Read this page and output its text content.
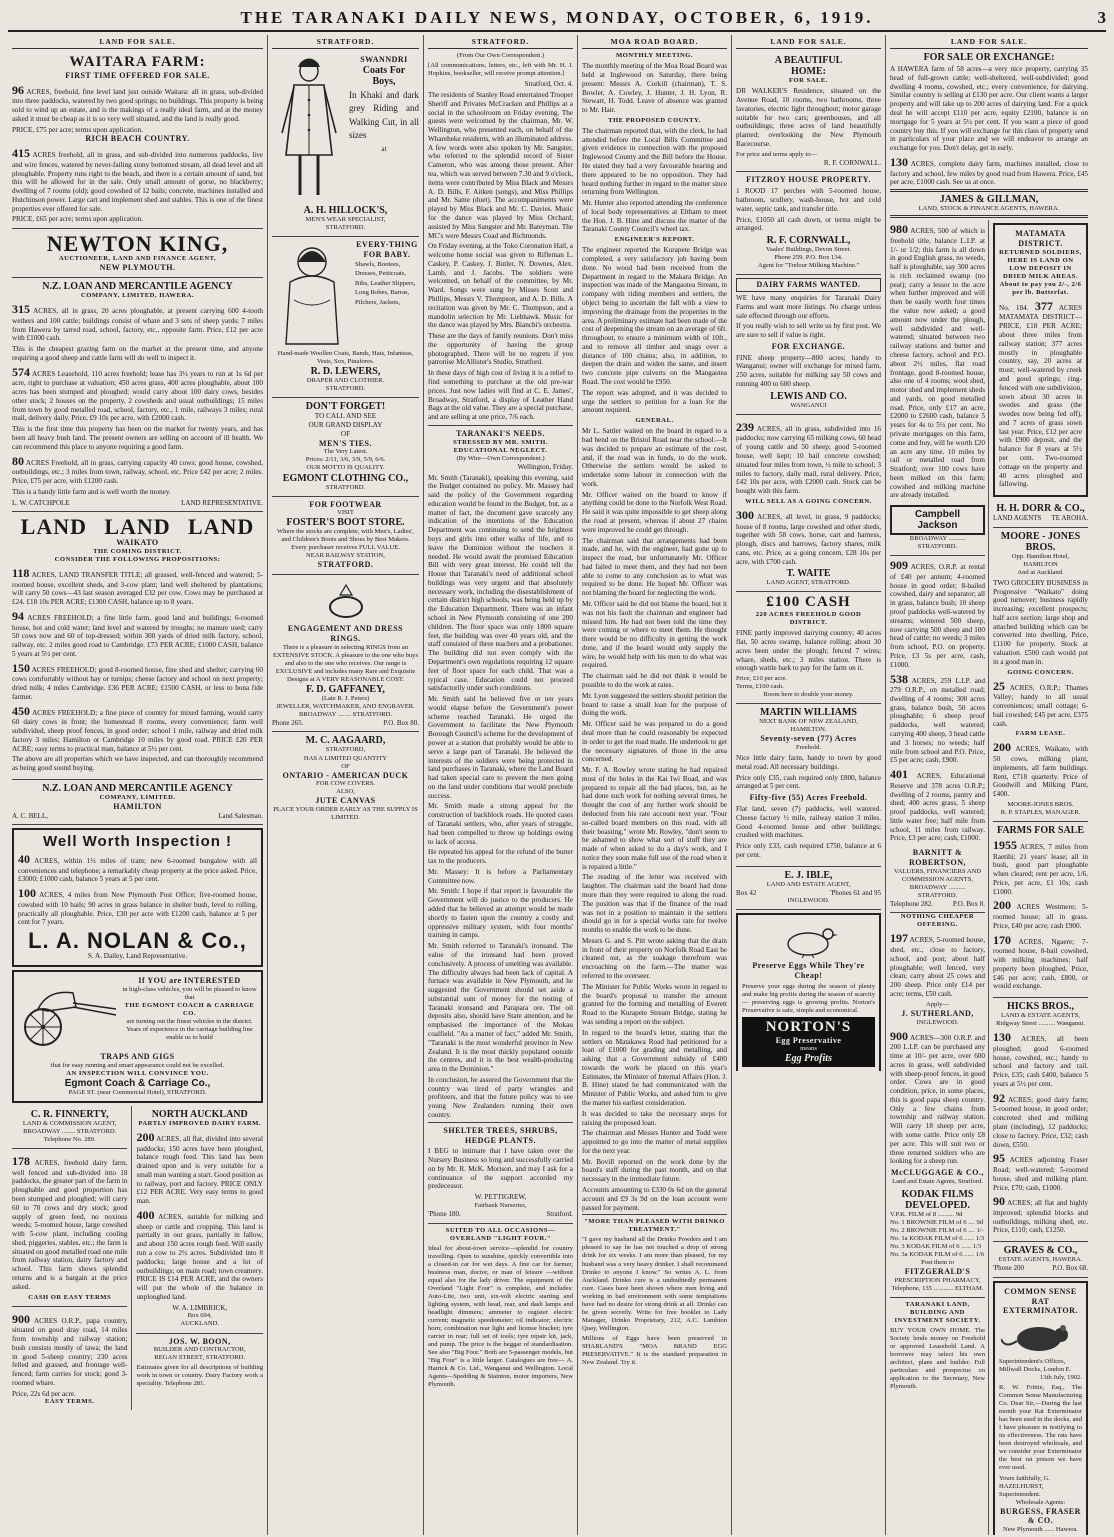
THE TARANAKI DAILY NEWS, MONDAY, OCTOBER, 6, 1919.	3
LAND FOR SALE.
WAITARA FARM:
FIRST TIME OFFERED FOR SALE.
96 ACRES, freehold, fine level land just outside Waitara: all in grass, sub-divided into three paddocks, watered by two good springs; no buildings. This property is being sold to wind up an estate, and is the makings of a really ideal farm, and at the money asked it must be cheap as it is so very well situated, and the land is really good.
PRICE, £75 per acre; terms upon application.
RICH BEACH COUNTRY.
415 ACRES freehold, all in grass, and sub-divided into numerous paddocks, live and wire fences, watered by never-failing stony bottomed stream, all dead level and all ploughable. Property runs right to the beach, and there is a certain amount of sand, but this will be allowed for in the sale. Only small amount of gorse, no blackberry; dwelling of 7 rooms (old); good cowshed of 12 bails; concrete, machines installed and Hutchinson power. Large cart and implement shed and stables. This is one of the finest properties ever offered for sale.
PRICE, £65 per acre; terms upon application.
NEWTON KING,
AUCTIONEER, LAND AND FINANCE AGENT,
NEW PLYMOUTH.
N.Z. LOAN AND MERCANTILE AGENCY
COMPANY, LIMITED, HAWERA.
315 ACRES, all in grass, 20 acres ploughable, at present carrying 600 4-tooth wethers and 100 cattle; buildings consist of whare and 3 sets of sheep yards; 7 miles from Hawera by tarred road, school, factory, etc., opposite farm. Price, £12 per acre with £1000 cash.
This is the cheapest grazing farm on the market at the present time, and anyone requiring a good sheep and cattle farm will do well to inspect it.
574 ACRES Leasehold, 110 acres freehold; lease has 3½ years to run at 1s 6d per acre, right to purchase at valuation; 450 acres grass, 400 acres ploughable, about 100 acres has been stumped and ploughed; would carry about 100 dairy cows, besides other stock; 2 houses on the property, 2 cowsheds and usual outbuildings; 15 miles from town by good metalled road, school, factory, etc., 1 mile, railways 3 miles; rural mail, delivery daily. Price, £9 10s per acre, with £2000 cash.
This is the first time this property has been on the market for twenty years, and has been all heavy bush land. The present owners are selling on account of ill health. We can recommend this place to anyone requiring a good farm.
80 ACRES Freehold, all in grass, carrying capacity 40 cows; good house, cowshed, outbuildings, etc.; 3 miles from town, railway, school, etc. Price £42 per acre; 2 miles. Price, £75 per acre, with £1200 cash.
This is a handy little farm and is well worth the money.
L. W. CATCHPOLE	LAND REPRESENTATIVE.
LAND LAND LAND
WAIKATO
THE COMING DISTRICT.
CONSIDER THE FOLLOWING PROPOSITIONS:
118 ACRES, LAND TRANSFER TITLE; all grassed, well-fenced and watered; 5-roomed house, excellent sheds, and 3-cow plant; land well sheltered by plantations; will carry 50 cows—43 last season averaged £32 per cow. Cows may be purchased at £24. £18 10s PER ACRE; £1300 CASH, balance up to 8 years.
94 ACRES FREEHOLD; a fine little farm, good land and buildings; 6-roomed house, hot and cold water; land level and watered by troughs; no manure used; carry 50 cows now and 60 of top-dressed; within 300 yards of dried milk factory, school, railway, etc. 2 miles good road to Cambridge. £73 PER ACRE; £1000 CASH, balance 5 years at 5½ per cent.
150 ACRES FREEHOLD; good 8-roomed house, fine shed and shelter; carrying 60 cows comfortably without hay or turnips; cheese factory and school on next property; dried milk; 4 miles Cambridge. £36 PER ACRE; £1500 CASH, or less to bona fide farmer.
450 ACRES FREEHOLD; a fine piece of country for mixed farming, would carry 60 dairy cows in front; the homestead 8 rooms, every convenience; farm well subdivided, sheep proof fences, in good order; school 1 mile, railway and dried milk factory 3 miles; Hamilton or Cambridge 10 miles by good road. PRICE £20 PER ACRE; easy terms to practical man, balance at 5½ per cent.
The above are all properties which we have inspected, and can thoroughly recommend as being good sound buying.
N.Z. LOAN AND MERCANTILE AGENCY
COMPANY, LIMITED.
HAMILTON
A. C. BELL,	Land Salesman.
Well Worth Inspection !
40 ACRES, within 1½ miles of tram; new 6-roomed bungalow with all conveniences and telephone; a remarkably cheap property at the price asked. Price, £3000; £1000 cash, balance 5 years at 5 per cent.
100 ACRES, 4 miles from New Plymouth Post Office; five-roomed house, cowshed with 10 bails; 90 acres in grass balance in shelter bush, level to rolling, practically all ploughable. Price, £30 per acre with £1200 cash, balance at 5 per cent for 7 years.
L. A. NOLAN & Co.,
S. A. Dailey, Land Representative.
If YOU are INTERESTED
in high-class vehicles, you will be pleased to know that
THE EGMONT COACH & CARRIAGE CO.
are turning out the finest vehicles in the district. Years of experience in the carriage building line enable us to build
TRAPS AND GIGS
that for easy running and smart appearance could not be excelled.
AN INSPECTION WILL CONVINCE YOU.
Egmont Coach & Carriage Co.,
PAGE ST. (near Commercial Hotel), STRATFORD.
C. R. FINNERTY,
LAND & COMMISSION AGENT,
BROADWAY ........ STRATFORD.
Telephone No. 280.
178 ACRES, freehold dairy farm, well fenced and sub-divided into 18 paddocks, the greater part of the farm in ploughable and good proportion has been stumped and ploughed; will carry 60 to 70 cows and dry stock; good supply of green feed, no noxious weeds; 5-roomed house, large cowshed with 5-cow plant, including cooling shed, piggeries, stables, etc.; the farm is situated on good metalled road one mile from railway station, dairy factory and school. This farm shows splendid returns and is a bargain at the price asked.
CASH OR EASY TERMS
900 ACRES O.R.P., papa country, situated on good dray road, 14 miles from township and railway station; bush consists mostly of tawa; the land in good 5-sheep country; 230 acres felled and grassed, and frontage well-fenced; farm carries for stock; good 3-roomed whare.
Price, 22s 6d per acre.
EASY TERMS.
NORTH AUCKLAND
PARTLY IMPROVED DAIRY FARM.
200 ACRES, all flat, divided into several paddocks; 150 acres have been ploughed, balance rough feed. This land has been drained upon and is very suitable for a small man wanting a start. Good position as to railway, port and factory. PRICE ONLY £12 PER ACRE. Very easy terms to good man.
400 ACRES, suitable for milking and sheep or cattle and cropping. This land is partially in our grass, partially in fallow, and about 150 acres rough feed. Will easily run a cow to 2½ acres. Subdivided into 8 paddocks; large house and a lot of outbuildings; on main road; town creamery. PRICE IS £14 PER ACRE, and the owners will put the whole of the balance in unploughed land.
W. A. LIMBRICK,
Box 694,
AUCKLAND.
JOS. W. BOON,
BUILDER AND CONTRACTOR,
REGAN STREET, STRATFORD.
Estimates given for all descriptions of building work in town or country. Dairy Factory work a speciality. Telephone 281.
STRATFORD.
SWANNDRI
Coats For
Boys,
In Khaki and dark grey Riding and Walking Cut, in all sizes
at
A. H. HILLOCK'S,
MEN'S WEAR SPECIALIST,
STRATFORD.
EVERY-THING FOR BABY.
Shawls, Bootees, Dresses, Petticoats, Bibs, Leather Slippers, Long Robes, Barras, Pilchers, Jackets,
Hand-made Woollen Coats, Bands, Hats, Infanteas, Vests, Sox, Pinafores.
R. D. LEWERS,
DRAPER AND CLOTHIER.
STRATFORD.
DON'T FORGET!
TO CALL AND SEE
OUR GRAND DISPLAY
OF
MEN'S TIES.
The Very Latest.
Prices: 2/11, 3/6, 3/9, 5/9, 6/6.
OUR MOTTO IS QUALITY.
EGMONT CLOTHING CO.,
STRATFORD.
FOR FOOTWEAR
VISIT
FOSTER'S BOOT STORE.
Where the stocks are complete, with Men's, Ladies', and Children's Boots and Shoes by Best Makers.
Every purchaser receives FULL VALUE.
NEAR RAILWAY STATION,
STRATFORD.
ENGAGEMENT AND DRESS RINGS.
There is a pleasure in selecting RINGS from an EXTENSIVE STOCK. A pleasure to the one who buys and also to the one who receives. Our range is EXCLUSIVE and includes many Rare and Exquisite Designs at A VERY REASONABLE COST.
F. D. GAFFANEY,
(Late R. J. Peters)
JEWELLER, WATCHMAKER, AND ENGRAVER.
BROADWAY ........ STRATFORD.
Phone 265.	P.O. Box 80.
M. C. AAGAARD,
STRATFORD,
HAS A LIMITED QUANTITY
OF
ONTARIO - AMERICAN DUCK
FOR COW COVERS.
ALSO,
JUTE CANVAS
PLACE YOUR ORDER EARLY AS THE SUPPLY IS LIMITED.
STRATFORD.
(From Our Own Correspondent.)
[All communications, letters, etc., left with Mr. H. J. Hopkins, bookseller, will receive prompt attention.]
Stratford, Oct. 4.
The residents of Stanley Road entertained Trooper Sheriff and Privates McCracken and Phillips at a social in the schoolroom on Friday evening. The guests were welcomed by the chairman, Mr. W. Wellington, who presented each, on behalf of the Whareheke residents, with an illuminated address. A few words were also spoken by Mr. Sangster, who referred to the splendid record of Sister Cameron, who was among those present. After tea, which was served between 7.30 and 9 o'clock, items were contributed by Miss Black and Messrs A. D. Bills, F. Aitken (songs), and Miss Phillips and Mr. Same (duet). The accompaniments were played by Miss Black and Mr. C. Davies. Music for the dance was played by Miss Orchard, assisted by Miss Sangster and Mr. Bateyman. The MC's were Messrs Coad and Richmonds.
On Friday evening, at the Toko Coronation Hall, a welcome home social was given to Rifleman L. Caskey, P. Caskey, J. Butler, N. Downes, Alex. Lamb, and J. Jacobs. The soldiers were welcomed, on behalf of the committee, by Mr. Ward. Songs were sung by Misses Scott and Phillips, Messrs V. Thompson, and A. D. Bills. A recitation was given by Mr. C. Thompson, and a mandolin selection by Mr. Liebhawk. Music for the dance was played by Mrs. Bianchi's orchestra.
These are the days of family reunions. Don't miss the opportunity of having the group photographed. There will be no regrets if you patronise McAllister's Studio, Stratford.
In these days of high cost of living it is a relief to find something to purchase at the old pre-war prices. Just now ladies will find at C. E. James', Broadway, Stratford, a display of Leather Hand Bags at the old value. They are a special purchase, and are selling at one price, 7/6 each.
TARANAKI'S NEEDS.
STRESSED BY MR. SMITH.
EDUCATIONAL NEGLECT.
(By Wire—Own Correspondent.)
Wellington, Friday.
Mr. Smith (Taranaki), speaking this evening, said the Budget contained no policy. Mr. Massey had said the policy of the Government regarding education would be found in the Budget, but, as a matter of fact, the document gave scarcely any indication of the intentions of the Education Department was continuing to send the brightest boys and girls into other walks of life, and to leave the Dominion without the teachers it needed. He would await the promised Education Bill with very great interest. He could tell the House that Taranaki's need of additional school buildings was very urgent and that absolutely necessary work, including the disestablishment of certain district high schools, was being held up by the Education Department. There was an infant school in New Plymouth consisting of one 200 children. The floor space was only 1800 square feet, the building was over 40 years old, and the staff consisted of three teachers and a probationer. The building did not even comply with the Department's own regulations requiring 12 square feet of floor space for each child. That was a typical case. Education could not proceed satisfactorily under such conditions.
Mr. Smith said he believed five or ten years would elapse before the Government's power scheme reached Taranaki. He urged the Government to facilitate the New Plymouth Borough Council's scheme for the development of power at a station that probably would be able to serve a large part of Taranaki. He believed the interests of the soldiers were being protected in land purchases in Taranaki, where the Land Board had taken special care to prevent the men going on the land under conditions that would preclude success.
Mr. Smith made a strong appeal for the construction of backblock roads. He quoted cases of Taranaki settlers, who, after years of struggle, had been compelled to throw up holdings owing to lack of access.
He repeated his appeal for the refund of the butter tax to the producers.
Mr. Massey: It is before a Parliamentary Committee now.
Mr. Smith: I hope if that report is favourable the Government will do justice to the producers. He added that he believed an attempt would be made shortly to fasten upon the country a costly and oppressive military system, with four months' training in camps.
Mr. Smith referred to Taranaki's ironsand. The value of the ironsand had been proved conclusively. A process of smelting was available. The difficulty always had been lack of capital. A furnace was available in New Plymouth, and he suggested the Government should set aside a substantial sum of money for the testing of Taranaki ironsand and Parapara ore. The oil deposits also, should have State attention, and he emphasised the importance of the Mokau coalfield. "As a matter of fact," added Mr. Smith, "Taranaki is the most wonderful province in New Zealand. It is the most thickly populated outside the centres, and it is the best wealth-producing area in the Dominion."
In conclusion, he assured the Government that the country was tired of party wrangles and profiteers, and that the future policy was to see young New Zealanders running their own country.
SHELTER TREES, SHRUBS, HEDGE PLANTS.
I BEG to intimate that I have taken over the Nursery Business so long and successfully carried on by Mr. R. McK. Morison, and may I ask for a continuance of the support accorded my predecessor.
W. PETTIGREW,
Fairbank Nurseries,
'Phone 180.	Stratford.
SUITED TO ALL OCCASIONS— OVERLAND "LIGHT FOUR."
Ideal for about-town service—splendid for country travelling. Open to sunshine, quickly convertible into a closed-in car for wet days. A fine car for farmer, business man, doctor, or man of leisure —without equal also for the lady driver. The equipment of the Overland "Light Four" is complete, and includes: Auto-Lite, two unit, six-volt electric starting and lighting system, with head, rear, and dash lamps and headlight dimmers; ammeter to register electric current; magnetic speedometer; oil indicator; electric horn; combination rear light and license bracket; tyre carrier in rear; full set of tools; tyre repair kit, jack, and pump. The price is the beggar of standardisation. See also "Big Four." Both are 5-passenger models, but "Big Four" is a little larger. Catalogues are free— A. Hatrick & Co. Ltd., Wanganui and Wellington. Local Agents—Spedding & Stainton, motor importers, New Plymouth.
MOA ROAD BOARD.
MONTHLY MEETING.
The monthly meeting of the Moa Road Board was held at Inglewood on Saturday, there being present: Messrs A. Corkill (chairman), T. S. Bowler, A. Cowley, J. Hunter, J. H. Lyon, R. Stewart, H. Todd. Leave of absence was granted to Mr. Hair.
THE PROPOSED COUNTY.
The chairman reported that, with the clerk, he had attended before the Local Bills Committee and given evidence in connection with the proposed Inglewood County and the Bill before the House. He stated they had a very favourable hearing and there appeared to be no opposition. They had heard nothing further in regard to the matter since returning from Wellington.
Mr. Hunter also reported attending the conference of local body representatives at Eltham to meet the Hon. J. B. Hine and discuss the matter of the Taranaki County Council's wheel tax.
ENGINEER'S REPORT.
The engineer reported the Kurapete Bridge was completed, a very satisfactory job having been done. No wood had been received from the Department in regard to the Makara Bridge. An inspection was made of the Mangaotea Stream, in company with riding members and settlers, the object being to ascertain the fall with a view to improving the drainage from the properties in the area. A preliminary estimate had been made of the cost of deepening the stream on an average of 6ft. throughout, to ensure a minimum width of 10ft., and to remove all timber and snags over a distance of 100 chains; also, in addition, to deepen the drain and widen the same, and insert two concrete pipe culverts on the Mangaotea Road. The cost would be £950.
The report was adopted, and it was decided to urge the settlers to petition for a loan for the amount required.
GENERAL.
Mr L. Sattler waited on the board in regard to a bad bend on the Bristol Road near the school.—It was decided to prepare an estimate of the cost, and, if the road was in funds, to do the work. Otherwise the settlers would be asked to undertake some labour in connection with the work.
Mr. Officer waited on the board to know if anything could be done to the Norfolk West Road. He said it was quite impossible to get sheep along the road at present, whereas if about 27 chains were improved he could get through.
The chairman said that arrangements had been made, and he, with the engineer, had gone up to inspect the road, but unfortunately Mr. Officer had failed to meet them, and they had not been able to come to any conclusion as to what was required to be done. He hoped Mr. Officer was not blaming the board for neglecting the work.
Mr. Officer said he did not blame the board, but it was not his fault the chairman and engineer had missed him. He had not been told the time they were coming or where to meet them. He thought there would be no difficulty in getting the work done, and if the board would only supply the wire, he would help with his men to do what was required.
The chairman said he did not think it would be possible to do the work at rates.
Mr. Lyon suggested the settlers should petition the board to raise a small loan for the purpose of doing the work.
Mr. Officer said he was prepared to do a good deal more than he could reasonably be expected in order to get the road made. He undertook to get the necessary signatures of those in the area concerned.
Mr. F. A. Rowley wrote stating he had repaired most of the holes in the Kai Iwi Road, and was prepared to repair all the bad places, but, as he had done such work for nothing several times, he thought the cost of any further work should be deducted from his rate account next year. "Four so-called board members on this road, with all their boasting," wrote Mr. Rowley, "don't seem to be ashamed to show what sort of stuff they are made of when asked to do a day's work, and I notice they soon make full use of the road when it is repaired a little."
The reading of the letter was received with laughter. The chairman said the board had done more than they were required to along the road. The position was that if the finance of the road was not in a position to maintain it the settlers should go in for a special works rate for twelve months to enable the work to be done.
Messrs G. and S. Pitt wrote asking that the drain in front of their property on Norfolk Road East be cleaned out, as the soakage therefrom was encroaching on the farm.—The matter was referred to the overseer.
The Minister for Public Works wrote in regard to the board's proposal to transfer the amount granted for the forming and metalling of Everett Road to the Kurapete Stream Bridge, stating he was sending a report on the subject.
In regard to the board's letter, stating that the settlers on Matakawa Road had petitioned for a loan of £1000 for grading and metalling, and asking that a Government subsidy of £400 towards the work be placed on this year's Estimates, the Minister of Internal Affairs (Hon. J. B. Hine) stated he had communicated with the Minister of Public Works, and asked him to give the matter his earliest consideration.
It was decided to take the necessary steps for raising the proposed loan.
The chairman and Messrs Hunter and Todd were appointed to go into the matter of metal supplies for the next year.
Mr. Bovill reported on the work done by the board's staff during the past month, and on that necessary in the immediate future.
Accounts amounting to £330 0s 6d on the general account and £9 3s 9d on the loan account were passed for payment.
"MORE THAN PLEASED WITH DRINKO TREATMENT."
"I gave my husband all the Drinko Powders and I am pleased to say he has not touched a drop of strong drink for six weeks. I am more than pleased, for my husband was a very heavy drinker. I shall recommend Drinko to anyone I know." So writes A. L. from Auckland. Drinko cure is a undoubtedly permanent cure. Cases have been shown where men living and working in bad environment with some temptations have had no desire for strong drink at all. Drinko can be given secretly. Write for free booklet to Lady Manager, Drinko Proprietary, 212, A.C. Lambton Quay, Wellington.
Millions of Eggs have been preserved in SHARLAND'S "MOA BRAND EGG PRESERVATIVE." It is the standard preparation in New Zealand. Try it.
LAND FOR SALE.
A BEAUTIFUL
HOME:
FOR SALE.
DR WALKER'S Residence, situated on the Avenue Road, 10 rooms, two bathrooms, three lavatories, electric light throughout; motor garage suitable for two cars; greenhouses, and all outbuildings; three acres of land beautifully planted; overlooking the New Plymouth Racecourse.
For price and terms apply to—
R. F. CORNWALL.
FITZROY HOUSE PROPERTY.
1 ROOD 17 perches with 5-roomed house, bathroom, scullery, wash-house, hot and cold water, septic tank, and transfer title.
Price, £1050 all cash down, or terms might be arranged.
R. F. CORNWALL,
Vaales' Buildings, Devon Street.
Phone 259. P.O. Box 134.
Agent for "Trelour Milking Machine."
DAIRY FARMS WANTED.
WE have many enquiries for Taranaki Dairy Farms and want more listings. No charge unless sale effected through our efforts.
If you really wish to sell write us by first post. We are sure to sell if value is right.
FOR EXCHANGE.
FINE sheep property—800 acres; handy to Wanganui; owner will exchange for mixed farm, 250 acres, suitable for milking say 50 cows and running 400 to 600 sheep.
LEWIS AND CO.
WANGANUI
239 ACRES, all in grass, subdivided into 16 paddocks; now carrying 65 milking cows, 60 head of young cattle and 50 sheep; good 5-roomed house, well kept; 10 bail concrete cowshed; situated four miles from town, ½ mile to school; 3 miles to factory, daily mail, rural delivery. Price, £42 10s per acre, with £2000 cash. Stock can be bought with this farm.
WILL SELL AS A GOING CONCERN.
300 ACRES, all level, in grass, 9 paddocks; house of 8 rooms, large cowshed and other sheds, together with 58 cows, horse, cart and harness, plough, discs and harrows, factory shares, milk cans, etc. Price, as a going concern, £28 10s per acre, with £700 cash.
T. WAITE
LAND AGENT, STRATFORD.
£100 CASH
220 ACRES FREEHOLD GOOD DISTRICT.
FINE partly improved dairying country; 40 acres flat, 50 acres swamp, balance rolling; about 30 acres been under the plough; fenced 7 wires; whare, sheds, etc.; 3 miles station. There is enough wattle bark to pay for the farm on it.
Price, £10 per acre.
Terms, £100 cash.
Room here to double your money.
MARTIN WILLIAMS
NEXT BANK OF NEW ZEALAND,
HAMILTON.
Seventy-seven (77) Acres
Freehold.
Nice little dairy farm, handy to town by good metal road. All necessary buildings.
Price only £35, cash required only £800, balance arranged at 5 per cent.
Fifty-five (55) Acres Freehold.
Flat land, seven (7) paddocks, well watered. Cheese factory ½ mile, railway station 3 miles. Good 4-roomed house and other buildings; crushed with machines.
Price only £33, cash required £750, balance at 6 per cent.
E. J. IBLE,
LAND AND ESTATE AGENT,
Box 42	'Phones 61 and 95
INGLEWOOD.
Preserve Eggs While They're Cheap!
Preserve your eggs during the season of plenty and make big profits during the season of scarcity — preserving eggs is growing profits. Norton's Preservative is safe, simple and economical.
NORTON'S
Egg Preservative
means
Egg Profits
LAND FOR SALE.
FOR SALE OR EXCHANGE:
A HAWERA farm of 58 acres—a very nice property, carrying 35 head of full-grown cattle; well-sheltered, well-subdivided; good dwelling 4 rooms, cowshed, etc.; every convenience, for dairying. Similar country is selling at £130 per acre. Our client wants a larger property and will take up to 200 acres of dairying land. For a quick deal he will accept £110 per acre, equity £2100, balance is on mortgage for 5 years at 5½ per cent. If you want a piece of good country buy this. If you will exchange for this class of property send in particulars of your place and we will endeavor to arrange an exchange for you. Don't delay, get in early.
130 ACRES, complete dairy farm, machines installed, close to factory and school, few miles by good road from Hawera. Price, £45 per acre, £1000 cash. See us at once.
JAMES & GILLMAN,
LAND, STOCK & FINANCE AGENTS, HAWERA.
980 ACRES, 500 of which is freehold title, balance L.I.P. at 1/- or 1/2; this farm is all down in good English grass, no weeds, half is ploughable, say 300 acres is rich reclaimed swamp (no peat); carry a lessor to the acre when further improved and will then be easily worth four times the value now asked; a good amount now under the plough, well subdivided and well-watered; situated between two railway stations and butter and cheese factory, school and P.O. about 2½ miles, flat road frontage, good 8-roomed house, also one of 4 rooms; wool shed, motor shed and implement sheds and yards, on good metalled road. Price, only £17 an acre, £2000 to £2600 cash, balance 5 years for 4s to 5½ per cent. No private mortgages on this farm, come and buy, will be worth £20 an acre any time. 10 miles by rail or metalled road from Stratford; over 100 cows have been milked on this farm; cowshed and milking machine are already installed.
Campbell Jackson
BROADWAY .......... STRATFORD.
909 ACRES, O.R.P. at rental of £40 per annum; 4-roomed house in good order; 8-bailed cowshed, dairy and separator; all in grass, balance bush; 10 sheep proof paddocks well-watered by streams; wintered 500 sheep, now carrying 500 sheep and 100 head of cattle; no weeds; 3 miles from school, P.O. on property. Price, £3 5s per acre, cash, £1000.
538 ACRES, 259 L.I.P. and 279 O.R.P., on metalled road; dwelling of 4 rooms; 300 acres grass, balance bush, 50 acres ploughable; 6 sheep proof paddocks, well watered; carrying 400 sheep, 3 head cattle and 3 horses; no weeds; half mile from school and P.O. Price, £5 per acre; cash, £900.
401 ACRES, Educational Reserve and 378 acres O.R.P.; dwelling of 2 rooms, pantry and shed; 400 acres grass, 5 sheep proof paddocks, well watered; little water free; half mile from school, 11 miles from railway. Price, £3 per acre; cash, £1000.
BARNITT & ROBERTSON,
VALUERS, FINANCIERS AND COMMISSION AGENTS,
BROADWAY .......... STRATFORD.
Telephone 282.	P.O. Box 8.
NOTHING CHEAPER OFFERING.
197 ACRES, 5-roomed house, shed, etc., close to factory, school, and post; about half ploughable; well fenced, very clean; carry about 25 cows and 200 sheep. Price only £14 per acre; terms, £50 cash.
Apply—
J. SUTHERLAND,
INGLEWOOD.
900 ACRES—300 O.R.P. and 200 L.I.P. can be purchased any time at 10/- per acre, over 600 acres in grass, well subdivided with sheep-proof fences, in good order. Cows are in good condition, price, in some places, this is good papa sheep country. Only a few chains from township and railway station. Will carry 18 sheep per acre, with some cattle. Price only £8 per acre. This will suit two or three returned soldiers who are looking for a sheep run.
McCLUGGAGE & CO.,
Land and Estate Agents, Stratford.
KODAK FILMS DEVELOPED.
V.P.K. FILM of 8 .......... 9d
No. 1 BROWNIE FILM of 6 .... 9d
No. 2 BROWNIE FILM of 6 .... 1/-
No. 1a KODAK FILM of 6 ...... 1/3
No. 3 KODAK FILM of 6 ...... 1/3
No. 3a KODAK FILM of 6 ...... 1/6
Post them to
FITZGERALD'S
PRESCRIPTION PHARMACY,
Telephone, 135 ............ ELTHAM.
TARANAKI LAND, BUILDING AND INVESTMENT SOCIETY.
BUY YOUR OWN HOME. The Society lends money on Freehold or approved Leasehold Land. A borrower may select his own architect, plans and builder. Full particulars and prospectus on application to the Secretary, New Plymouth.
MATAMATA DISTRICT.
RETURNED SOLDIERS,
HERE IS LAND ON LOW DEPOSIT IN DRIED MILK AREAS.
About to pay you 2/-, 2/6 per lb. Butterfat.
No. 184. 377 ACRES MATAMATA DISTRICT—PRICE, £18 PER ACRE; about three miles from railway station; 377 acres mostly in ploughable country, say, 20 acres at most; well-watered by creek and good springs; ring-fenced with one subdivision, sown about 30 acres in swedes and grass (the swedes now being fed off), and 7 acres of grass sown last year. Price, £12 per acre with £900 deposit, and the balance for 8 years at 5½ per cent. Two-roomed cottage on the property and 40 acres ploughed and fallowing.
H. H. DORR & CO.,
LAND AGENTS TE AROHA.
MOORE - JONES BROS.
Opp. Hamilton Hotel,
HAMILTON
And at Auckland.
TWO GROCERY BUSINESS in Progressive "Waikato" doing good turnover; business rapidly increasing; excellent prospects; half acre section; large shop and attached building which can be converted into dwelling. Price, £1100 for property. Stock at valuation. £500 cash would put in a good man in.
GOING CONCERN.
25 ACRES, O.R.P.; Thames Valley; handy to all usual conveniences; small cottage; 6-bail cowshed; £45 per acre, £375 cash.
FARM LEASE.
200 ACRES, Waikato, with 50 cows, milking plant, implements, all farm buildings. Rent, £718 quarterly. Price of Goodwill and Milking Plant, £400.
MOORE-JONES BROS.
R. P. STAPLES, MANAGER.
FARMS FOR SALE
1955 ACRES, 7 miles from Raetihi; 21 years' lease; all in bush, good part ploughable when cleared; rent per acre, 1/6. Price, per acre, £1 10s; cash £1000.
200 ACRES Westmere; 5-roomed house; all in grass. Price, £40 per acre; cash £900.
170 ACRES, Ngaere; 7-roomed house, 8-bail cowshed, with milking machines; half property been ploughed. Price, £46 per acre; cash, £800, or would exchange.
HICKS BROS.,
LAND & ESTATE AGENTS,
Ridgway Street .......... Wanganui.
130 ACRES, all been ploughed; good 6-roomed house, cowshed, etc.; handy to school and factory and rail. Price, £35; cash £400, balance 5 years at 5½ per cent.
92 ACRES; good dairy farm; 5-roomed house, in good order; concreted shed and milking plant (including), 12 paddocks; close to factory. Price, £32; cash down, £550.
95 ACRES adjoining Fraser Road; well-watered; 5-roomed house, shed and milking plant. Price, £70; cash, £1000.
90 ACRES; all flat and highly improved; splendid blocks and outbuildings, milking shed, etc. Price, £110; cash, £1250.
GRAVES & CO.,
ESTATE AGENTS, HAWERA.
'Phone 200	P.O. Box 68.
COMMON SENSE RAT EXTERMINATOR.
Superintendent's Offices, Millwall Docks, London E.
13th July, 1902.
R. W. Frittie, Esq., The Common Sense Manufacturing Co. Dear Sir,—During the last month your Rat Exterminator has been used in the docks, and I have pleasure in testifying to its effectiveness. The rats have been destroyed wholesale, and we consider your Exterminator the best rat poison we have ever used.
Yours faithfully, G. HAZELHURST, Superintendent.
Wholesale Agents:
BURGESS, FRASER & CO.
New Plymouth ...... Hawera.
